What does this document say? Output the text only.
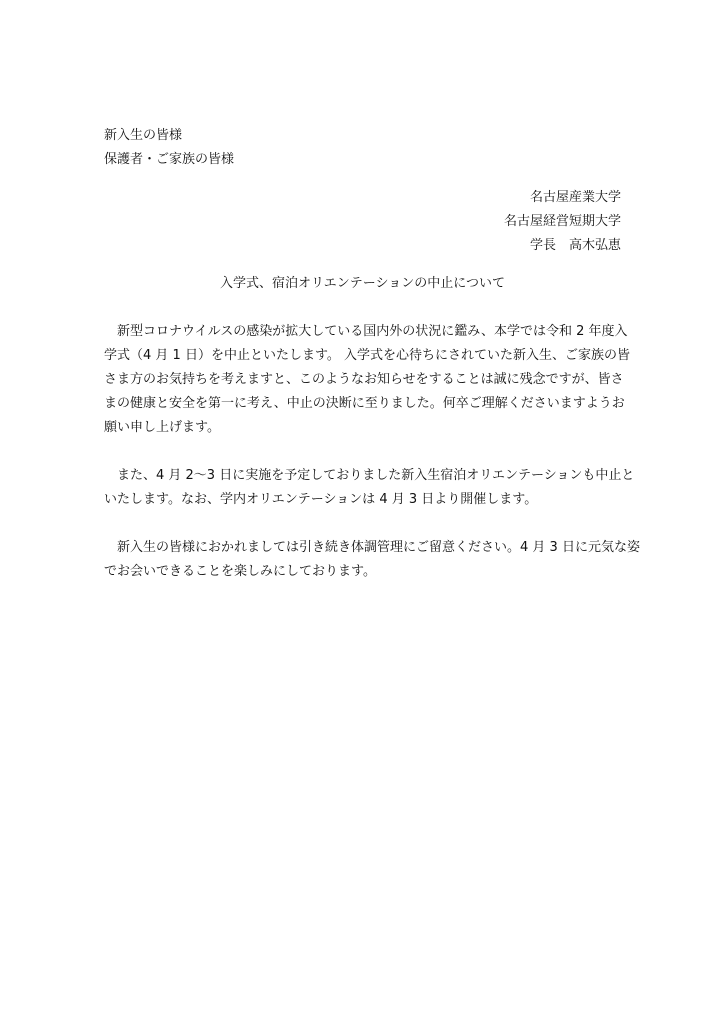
新入生の皆様
保護者・ご家族の皆様
名古屋産業大学
名古屋経営短期大学
学長　高木弘恵
入学式、宿泊オリエンテーションの中止について

　新型コロナウイルスの感染が拡大している国内外の状況に鑑み、本学では令和 2 年度入
学式（4 月 1 日）を中止といたします。 入学式を心待ちにされていた新入生、ご家族の皆
さま方のお気持ちを考えますと、このようなお知らせをすることは誠に残念ですが、皆さ
まの健康と安全を第一に考え、中止の決断に至りました。何卒ご理解くださいますようお
願い申し上げます。

　また、4 月 2～3 日に実施を予定しておりました新入生宿泊オリエンテーションも中止と
いたします。なお、学内オリエンテーションは 4 月 3 日より開催します。

　新入生の皆様におかれましては引き続き体調管理にご留意ください。4 月 3 日に元気な姿
でお会いできることを楽しみにしております。
